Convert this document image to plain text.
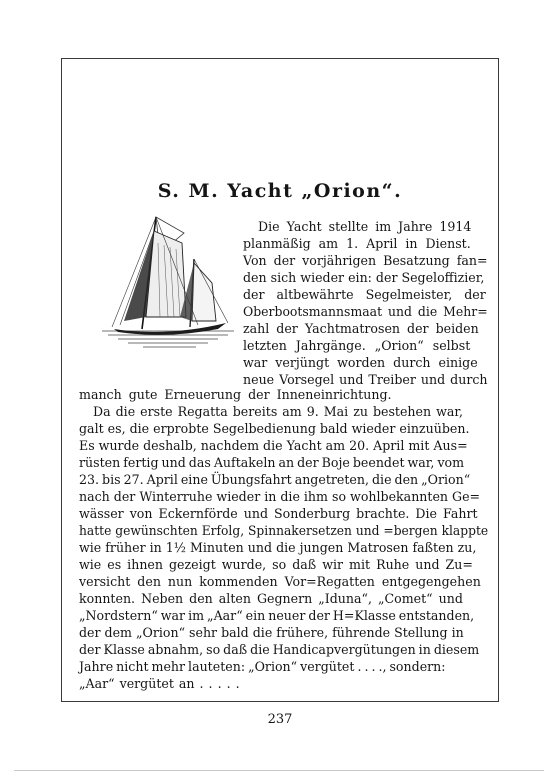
S. M. Yacht „Orion“.
Die Yacht stellte im Jahre 1914
planmäßig am 1. April in Dienst.
Von der vorjährigen Besatzung fan=
den sich wieder ein: der Segeloffizier,
der altbewährte Segelmeister, der
Oberbootsmannsmaat und die Mehr=
zahl der Yachtmatrosen der beiden
letzten Jahrgänge. „Orion“ selbst
war verjüngt worden durch einige
neue Vorsegel und Treiber und durch
manch gute Erneuerung der Inneneinrichtung.
Da die erste Regatta bereits am 9. Mai zu bestehen war,
galt es, die erprobte Segelbedienung bald wieder einzuüben.
Es wurde deshalb, nachdem die Yacht am 20. April mit Aus=
rüsten fertig und das Auftakeln an der Boje beendet war, vom
23. bis 27. April eine Übungsfahrt angetreten, die den „Orion“
nach der Winterruhe wieder in die ihm so wohlbekannten Ge=
wässer von Eckernförde und Sonderburg brachte. Die Fahrt
hatte gewünschten Erfolg, Spinnakersetzen und =bergen klappte
wie früher in 1½ Minuten und die jungen Matrosen faßten zu,
wie es ihnen gezeigt wurde, so daß wir mit Ruhe und Zu=
versicht den nun kommenden Vor=Regatten entgegengehen
konnten. Neben den alten Gegnern „Iduna“, „Comet“ und
„Nordstern“ war im „Aar“ ein neuer der H=Klasse entstanden,
der dem „Orion“ sehr bald die frühere, führende Stellung in
der Klasse abnahm, so daß die Handicapvergütungen in diesem
Jahre nicht mehr lauteten: „Orion“ vergütet . . . ., sondern:
„Aar“ vergütet an . . . . .
237
